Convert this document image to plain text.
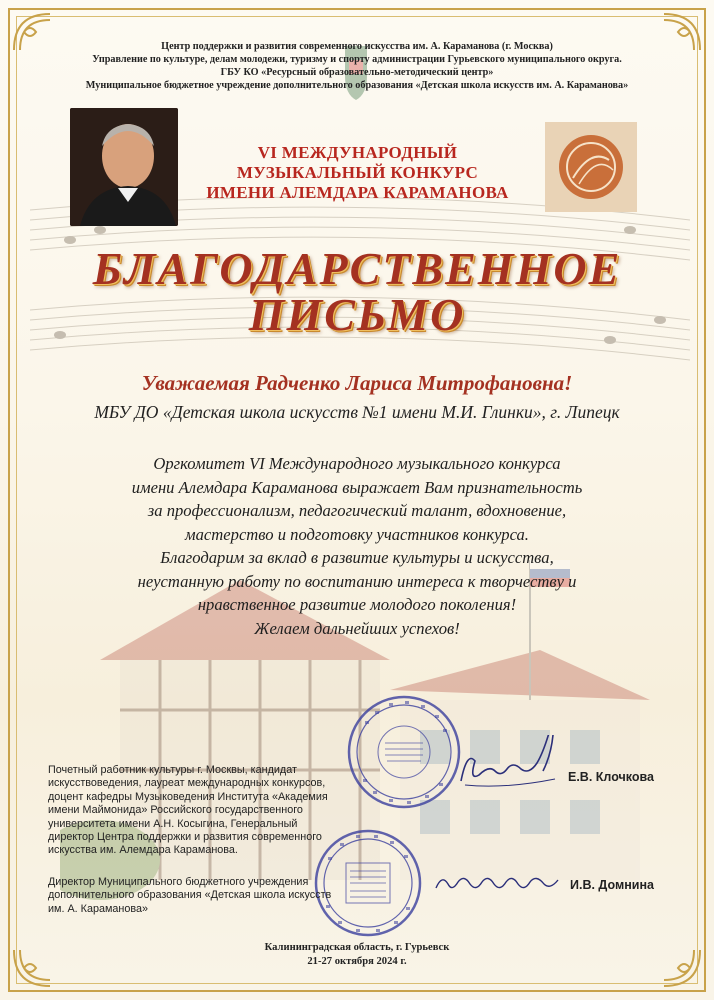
Центр поддержки и развития современного искусства им. А. Караманова (г. Москва)
Управление по культуре, делам молодежи, туризму и спорту администрации Гурьевского муниципального округа.
ГБУ КО «Ресурсный образовательно-методический центр»
Муниципальное бюджетное учреждение дополнительного образования «Детская школа искусств им. А. Караманова»
VI МЕЖДУНАРОДНЫЙ
МУЗЫКАЛЬНЫЙ КОНКУРС
ИМЕНИ АЛЕМДАРА КАРАМАНОВА
БЛАГОДАРСТВЕННОЕ
ПИСЬМО
Уважаемая Радченко Лариса Митрофановна!
МБУ ДО «Детская школа искусств №1 имени М.И. Глинки», г. Липецк
Оргкомитет VI Международного музыкального конкурса
имени Алемдара Караманова выражает Вам признательность
за профессионализм, педагогический талант, вдохновение,
мастерство и подготовку участников конкурса.
Благодарим за вклад в развитие культуры и искусства,
неустанную работу по воспитанию интереса к творчеству и
нравственное развитие молодого поколения!
Желаем дальнейших успехов!
Почетный работник культуры г. Москвы, кандидат
искусствоведения, лауреат международных конкурсов,
доцент кафедры Музыковедения Института «Академия
имени Маймонида» Российского государственного
университета имени А.Н. Косыгина, Генеральный
директор Центра поддержки и развития современного
искусства им. Алемдара Караманова.
Е.В. Клочкова
Директор Муниципального бюджетного учреждения
дополнительного образования «Детская школа искусств
им. А. Караманова»
И.В. Домнина
Калининградская область, г. Гурьевск
21-27 октября 2024 г.
